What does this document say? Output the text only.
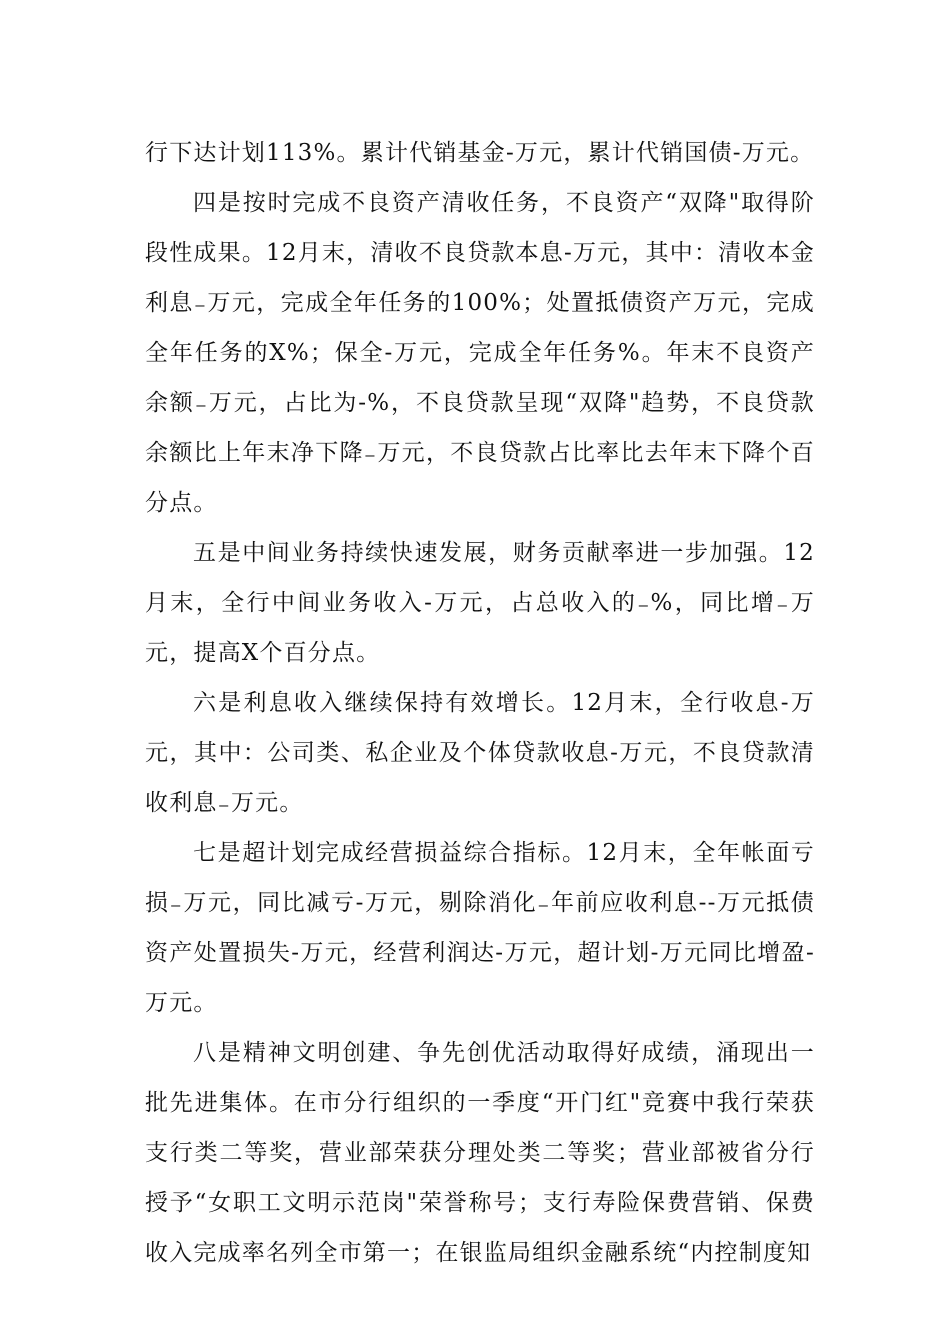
行下达计划113%。累计代销基金-万元，累计代销国债-万元。

四是按时完成不良资产清收任务，不良资产“双降"取得阶段性成果。12月末，清收不良贷款本息-万元，其中：清收本金利息₋万元，完成全年任务的100%；处置抵债资产万元，完成全年任务的X%；保全-万元，完成全年任务%。年末不良资产余额₋万元，占比为-%，不良贷款呈现“双降"趋势，不良贷款余额比上年末净下降₋万元，不良贷款占比率比去年末下降个百分点。

五是中间业务持续快速发展，财务贡献率进一步加强。12月末，全行中间业务收入-万元，占总收入的₋%，同比增₋万元，提高X个百分点。

六是利息收入继续保持有效增长。12月末，全行收息-万元，其中：公司类、私企业及个体贷款收息-万元，不良贷款清收利息₋万元。

七是超计划完成经营损益综合指标。12月末，全年帐面亏损₋万元，同比减亏-万元，剔除消化₋年前应收利息--万元抵债资产处置损失-万元，经营利润达-万元，超计划-万元同比增盈-万元。

八是精神文明创建、争先创优活动取得好成绩，涌现出一批先进集体。在市分行组织的一季度“开门红"竞赛中我行荣获支行类二等奖，营业部荣获分理处类二等奖；营业部被省分行授予“女职工文明示范岗"荣誉称号；支行寿险保费营销、保费收入完成率名列全市第一；在银监局组织金融系统“内控制度知
